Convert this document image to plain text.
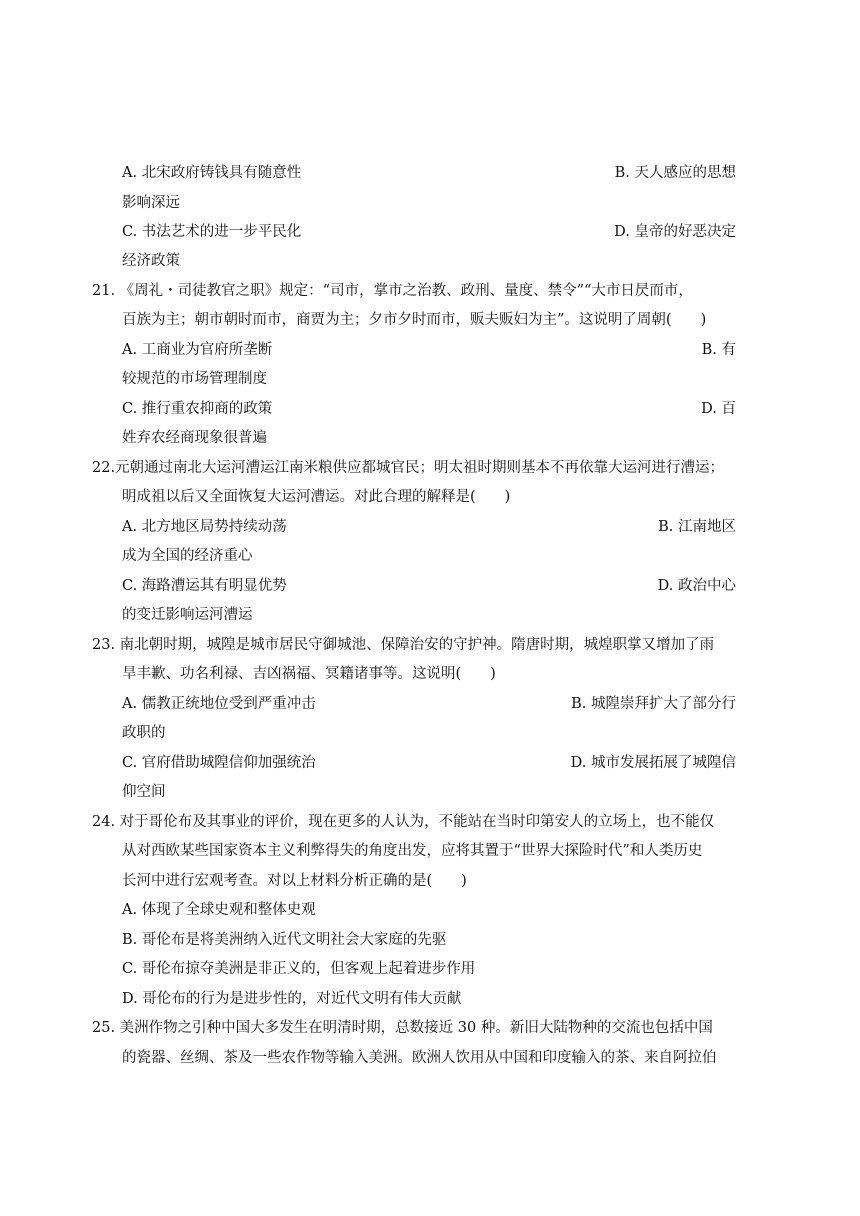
A. 北宋政府铸钱具有随意性	B. 天人感应的思想
影响深远
C. 书法艺术的进一步平民化	D. 皇帝的好恶决定
经济政策
21. 《周礼・司徒教官之职》规定：“司市，掌市之治教、政刑、量度、禁令”“大市日昃而市，
百族为主；朝市朝时而市，商贾为主；夕市夕时而市，贩夫贩妇为主”。这说明了周朝(　　)
A. 工商业为官府所垄断	B. 有
较规范的市场管理制度
C. 推行重农抑商的政策	D. 百
姓弃农经商现象很普遍
22.元朝通过南北大运河漕运江南米粮供应都城官民；明太祖时期则基本不再依靠大运河进行漕运；
明成祖以后又全面恢复大运河漕运。对此合理的解释是(　　)
A. 北方地区局势持续动荡	B. 江南地区
成为全国的经济重心
C. 海路漕运其有明显优势	D. 政治中心
的变迁影响运河漕运
23. 南北朝时期，城隍是城市居民守御城池、保障治安的守护神。隋唐时期，城煌职掌又增加了雨
旱丰歉、功名利禄、吉凶祸福、冥籍诸事等。这说明(　　)
A. 儒教正统地位受到严重冲击	B. 城隍崇拜扩大了部分行
政职的
C. 官府借助城隍信仰加强统治	D. 城市发展拓展了城隍信
仰空间
24. 对于哥伦布及其事业的评价，现在更多的人认为，不能站在当时印第安人的立场上，也不能仅
从对西欧某些国家资本主义利弊得失的角度出发，应将其置于“世界大探险时代”和人类历史
长河中进行宏观考查。对以上材料分析正确的是(　　)
A. 体现了全球史观和整体史观
B. 哥伦布是将美洲纳入近代文明社会大家庭的先驱
C. 哥伦布掠夺美洲是非正义的，但客观上起着进步作用
D. 哥伦布的行为是进步性的，对近代文明有伟大贡献
25. 美洲作物之引种中国大多发生在明清时期，总数接近 30 种。新旧大陆物种的交流也包括中国
的瓷器、丝绸、茶及一些农作物等输入美洲。欧洲人饮用从中国和印度输入的茶、来自阿拉伯
